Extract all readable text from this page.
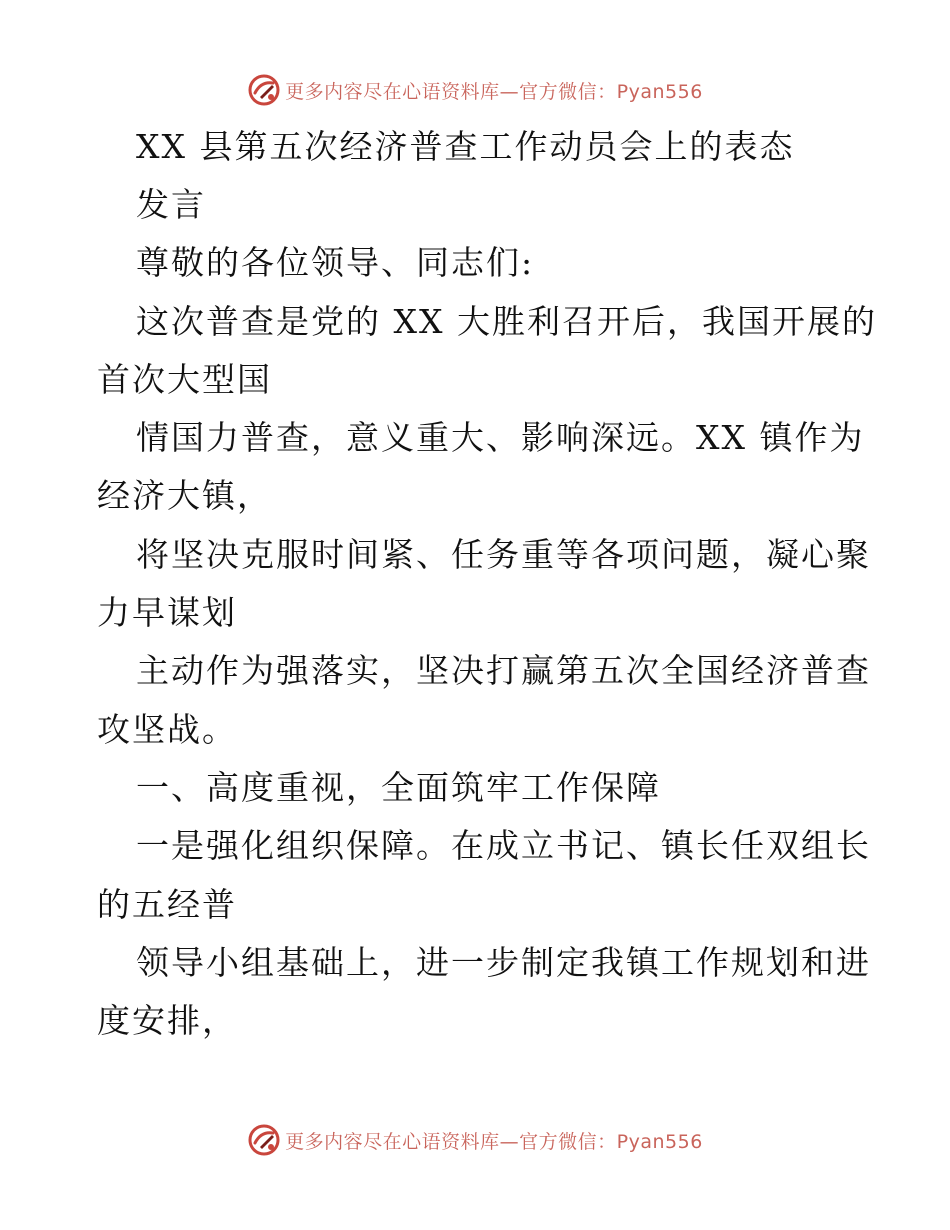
更多内容尽在心语资料库—官方微信：Pyan556
XX 县第五次经济普查工作动员会上的表态
发言
尊敬的各位领导、同志们:
这次普查是党的 XX 大胜利召开后，我国开展的
首次大型国
情国力普查，意义重大、影响深远。XX 镇作为
经济大镇，
将坚决克服时间紧、任务重等各项问题，凝心聚
力早谋划
主动作为强落实，坚决打赢第五次全国经济普查
攻坚战。
一、高度重视，全面筑牢工作保障
一是强化组织保障。在成立书记、镇长任双组长
的五经普
领导小组基础上，进一步制定我镇工作规划和进
度安排，
更多内容尽在心语资料库—官方微信：Pyan556
